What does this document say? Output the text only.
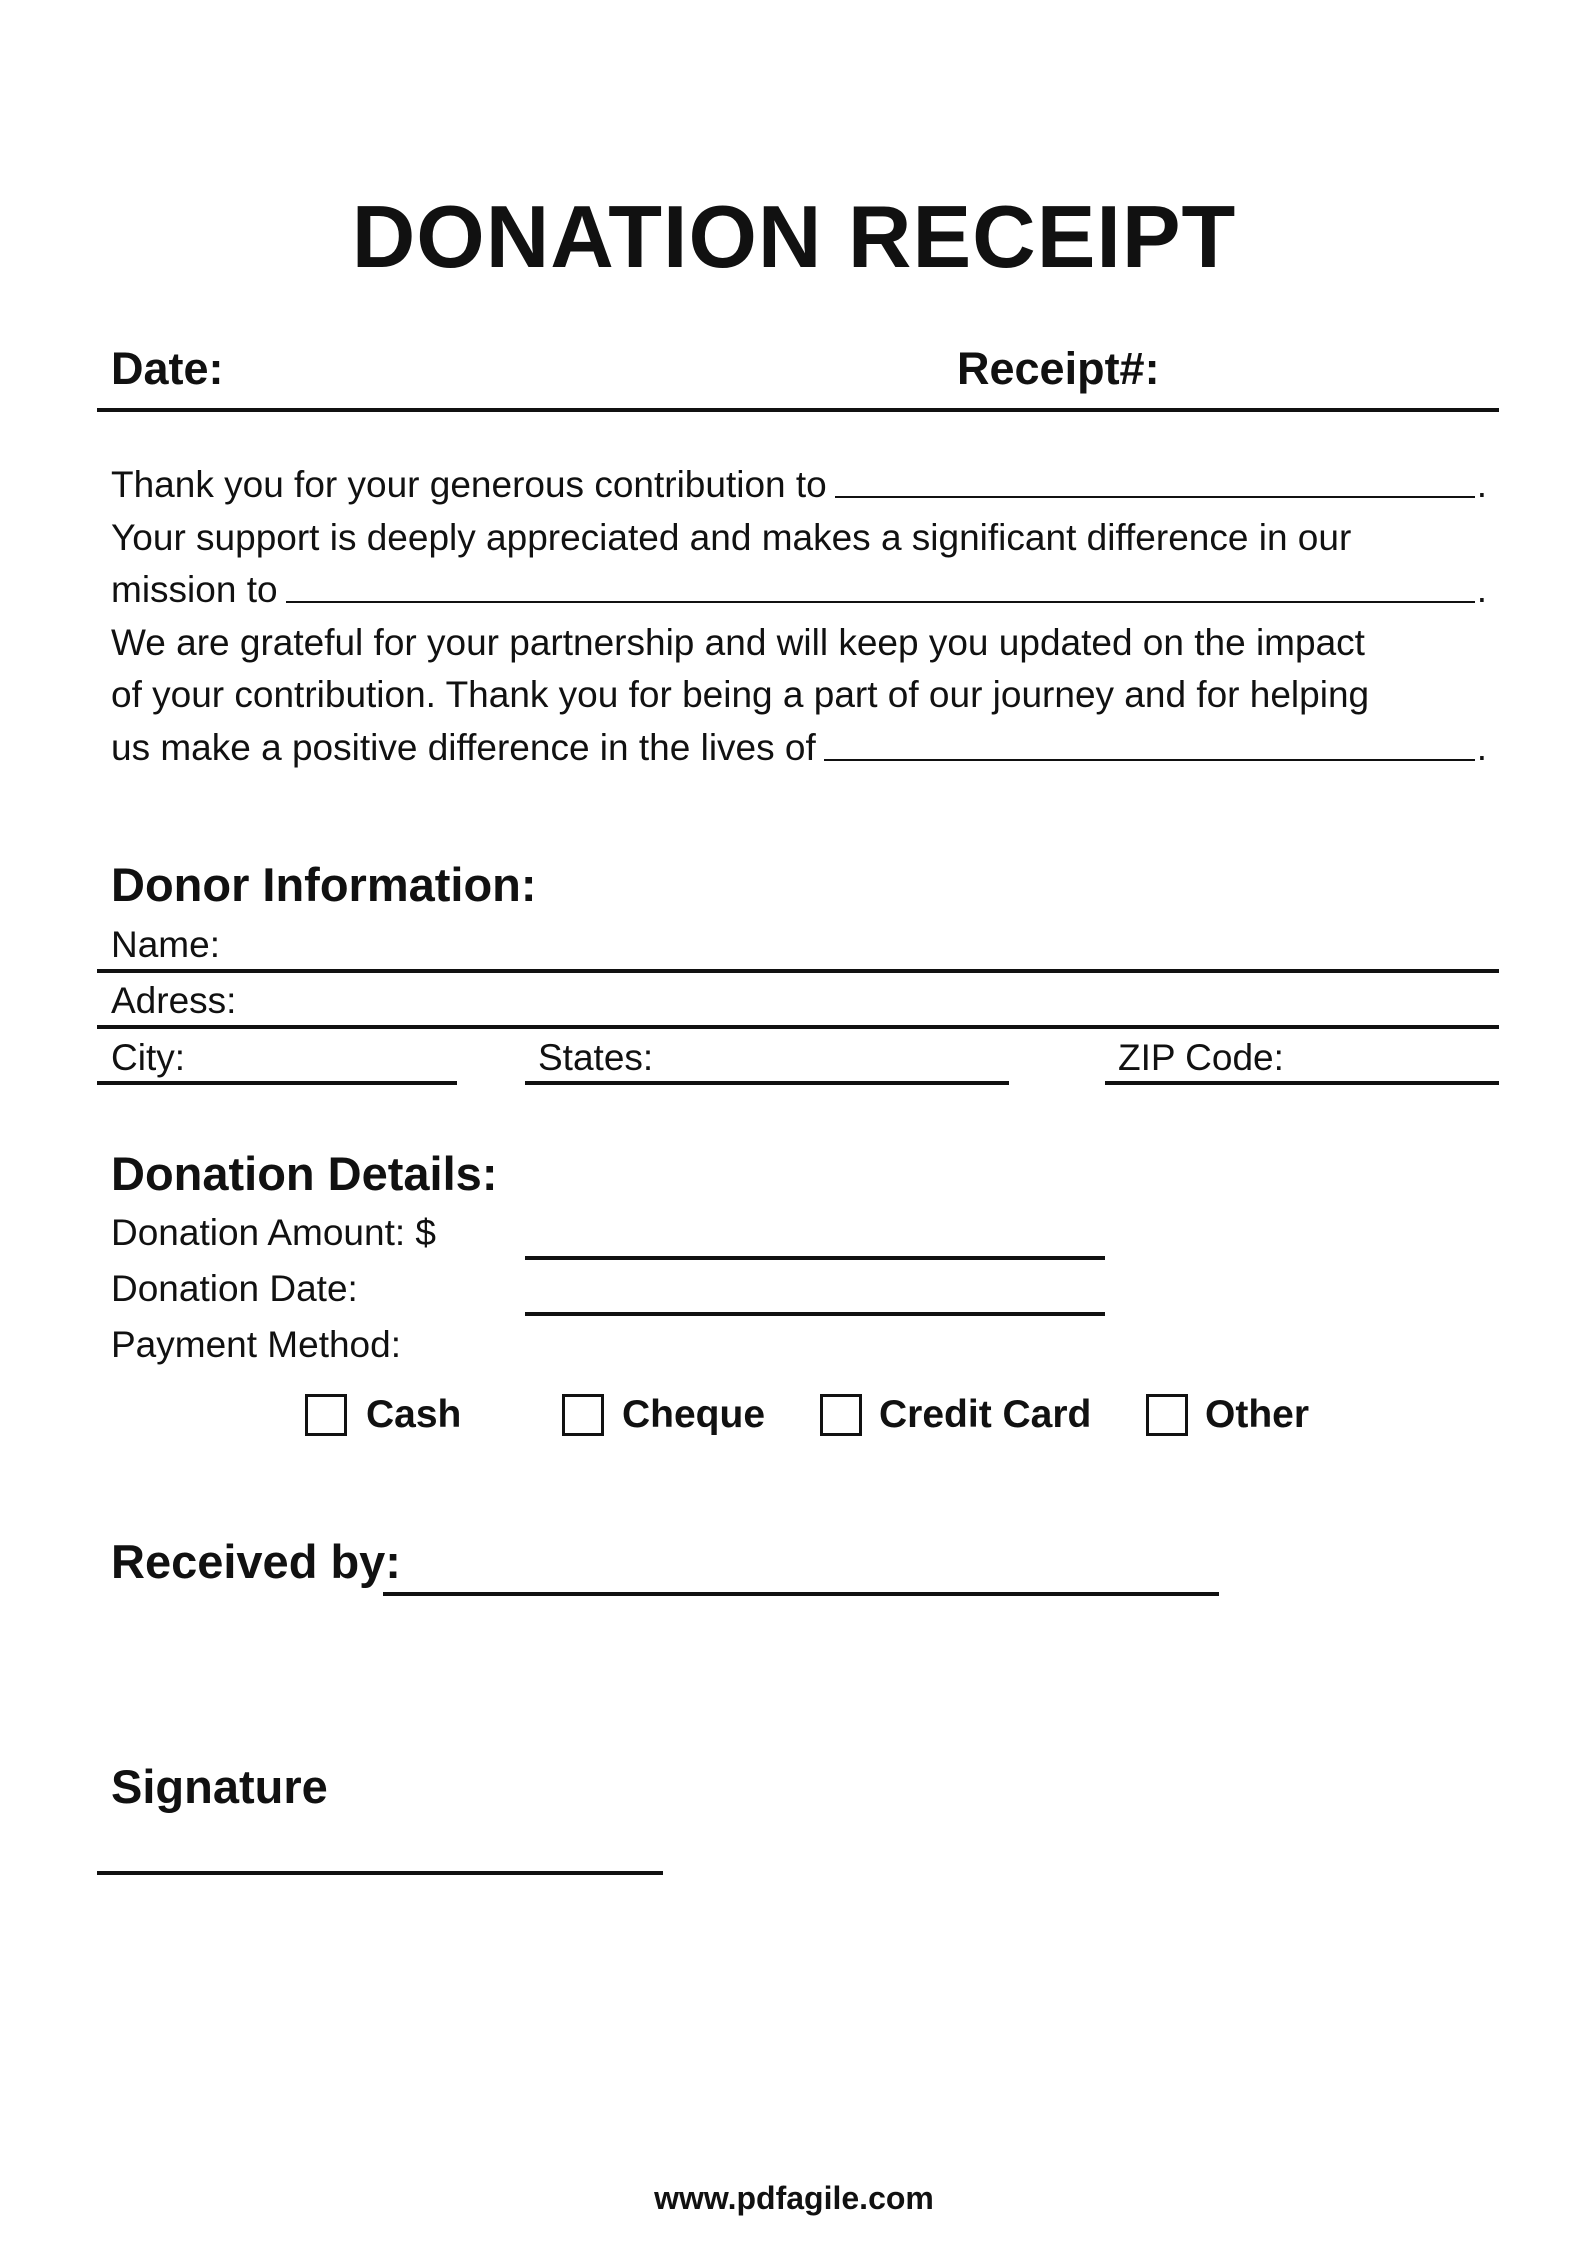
DONATION RECEIPT
Date:	Receipt#:
Thank you for your generous contribution to	.
Your support is deeply appreciated and makes a significant difference in our
mission to	.
We are grateful for your partnership and will keep you updated on the impact
of your contribution. Thank you for being a part of our journey and for helping
us make a positive difference in the lives of	.
Donor Information:
Name:
Adress:
City:	States:	ZIP Code:
Donation Details:
Donation Amount: $
Donation Date:
Payment Method:
Cash	Cheque	Credit Card	Other
Received by:
Signature
www.pdfagile.com
